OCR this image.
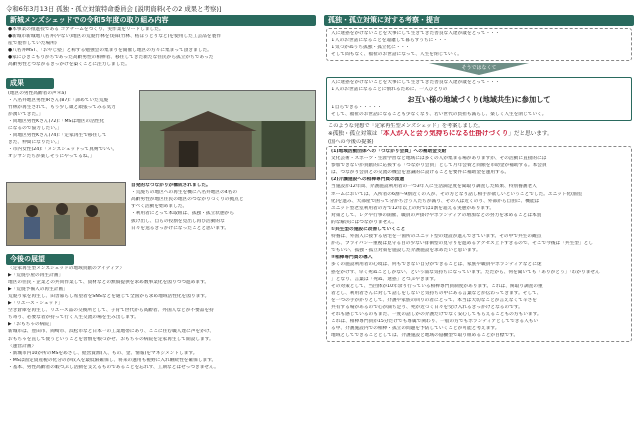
令和6年3月13日 孤独・孤立対策特命委員会 [説明資料(その2 成果と考察)]
新城メンズシェッドでの令和5年度の取り組み内容
●本事業の推進役である コアチームをつくり、実作業をリードしました。
●新城市新城地八名井(やない)地区の荒廃竹林を伐採(竹林、枯ぼうとりなど)を使用した工芸品を製作
産で製作していた場所)
●八名井MST、「おやじ塾」と称する勉強会の集まりを開催し地区の方々に集まって頂きました。
●家にひきこもりがちであった高齢男性の相棒者、移住してきた新たな住民から孤立がちであった
高齢男性とつながるきっかけを築くことに注力しました。
成果
(地区の男性高齢者の声＊a)
・八名井地区男性IRさん(87):「諦めていた荒廃
竹林が再生されて、もう少し頑と頑張ってみる気力
が湧いてきた。」
・同地区男性Kさん(72):「MSは地区の活性化
になるので協力したい。」
・同地区男性Kさん(74):「定家再生で移住して
きた、仲間になりたい。」
・市内女性(24):「メンズシェッドって真剣でいい。
オジサンたちが楽しそうにやってるね。」
自発的なつながりが構成されました。
・荒廃ちの地区への再生を機に八名井地区の4名の
高齢男性が地区住民の地区のつながりづくりの拠点と
すべく活動を始めました。
・利用者にとって本取組は、孤独・孤立状態から
抜け出し、自らの役割を見出し再び活動的な
日々を送るきっかけになったことと思います。
今後の展望
〈定家再生型メンズシェッドの地域貢献のアイディア〉
▶「荒廃小屋の再生計画」
地区の住民・企業との共同作業して、資材などの無償提供を求め数事業化を図りつつ進めます。
▶「荒廃予備人の再生計画」
荒廃り家を再生し、田舎暮らし希望者をSNSなどを通じて全国から求め地域活性化を図ります。
▶「リユース・シェッド」
空き倉庫を再生し、リユース品の交換所として、子育て世代から高齢者、外国人などが不要品を持
ち寄り、必要な者が持って行く人生交流の場を生み出します。
▶「おもちゃの病院」
新城市は、豊田市、岡崎市、浜松市など日本一の工業地帯にあり、ここに住む職人達に声をかけ、
おもちゃを直して使うということを習慣を根づかせ、おもちゃの病院を定家再生して開設します。
〈運営計画〉
・新城市内10か所のMSをめざし、経営資源(人、もの、金、情報)をマネジメントします。
・MSは固定資産税の化分のが収入を最低限確保し、将来の運用も視野に入れ継続性を確保します。
・基本、男性高齢者の暇つぶし活動を支えるものであることを忘れず、工期などはせっつきません。
孤独・孤立対策に対する考察・提言
人に迷惑をかけないことを大事にして生きてきた善良な人達が歳をとって・・・
↓人のお世話になることを遠慮して暮らすうちに・・・
↓気づかぬうち孤独・孤立化に・・・
そして間もなく、福祉のお世話になって、人生を閉じていく。
そうではなくて
人に迷惑をかけないことを大事にして生きてきた善良な人達が歳をとって・・・
↓人のお世話になることに慣れるために、一人ひとりの
お互い様の地域づくり(地域共生)に参加して
↓自らできる・・・・・
そして、福祉のお世話になることも少なくなり、若い世代の負担も減らし、楽しく人生を閉じていく。
このような発想で「定家再生型メンズシェッド」を考案しました。
※孤独・孤立対策は「本人が人と会う気持ちになる仕掛けづくり」だと思います。
(国への今後の提案)
(1)地域活動団体への「つながり会員」への補助金支給
文化芸術・スポーツ・生涯学習など地域には多くの人が集まる場がありますが、その活動に直接的には
参加できないが貢献的に応援する「つながり会員」として月年会費と同額を市助金が補助する。本会員
は、つながり会員との交流の機会を意識的に設けることを要件に補助金を運用する。
(2)介護施設への相棒専門員の派遣
当施設が12年間、介護施設利用者の一つ3年人に生活満足度を聞取り調査した結果、特別養護老人
ホームにおいては、入所者の6割～9割近くの人が、その方となり話し相手が欲しいということでした。ユニット化(個室
化)を進み、大部屋で困って分かち合う人たちが減り、その人は近くのり、外部から自由に、機能は
ユニット型老室利用者の方で12年以上の約では1割を超える実態があります。
対策として、レクや行事の開催、職員の声掛けやボランティアの増加などの努力を求めることは本質
的な解決にはつながりません。
①共生型の施設に改善していくこと
特養は、外国人に接する居宅を一箇所のユニット型の建設が進んできています。その中で共生の観点
から、プライバシー重視は見守る目の少ない徘徊型の見守りを進めるアクセス上下すぎるので、そこで今後は「共生型」とし
でもいい、孤独・孤立対策を施設した介護施設を求めたいと思います。
②相棒専門員の導入
多くの施設利用者の心境は、何もできない自分ができることは、家族や職員やボランティアなどに迷
惑をかけず、早く死ぬことしかない、という弱な気持ちになっています。ただから、何を聞いても「ありがとう」「わかりません
」となり、言葉は「死ぬ、迷惑」とつぶやきます。
その対策として、当団体が10年余り行っている相棒専門員制度があります。これは、関取り調査の重
者とし、利用者さんに対して話しをしないと気持ちの中にある言葉などが伝わってきます。そして、
を一つの手がかりとして、介護や家族の回りの者にとって、本当は大切なことが言えなくて辛さを
共有する場があるので心が満ち足り、死が近づく日々を受け入れるきっかけとなるのです。
それも感じているのもまだ、一度の話しかの介護だけでなく安心してもらえることもの方もいます。
これは、相棒専門員が15分だけでも専属で関わり、一般の方でもボランティアとしてできる人もい
る中、介護施設内での相棒・孤立の問題を予防していくことが可能と考えます。
地域としてできることとしては、介護施設と地域の協働型で取り組めることが目標です。
